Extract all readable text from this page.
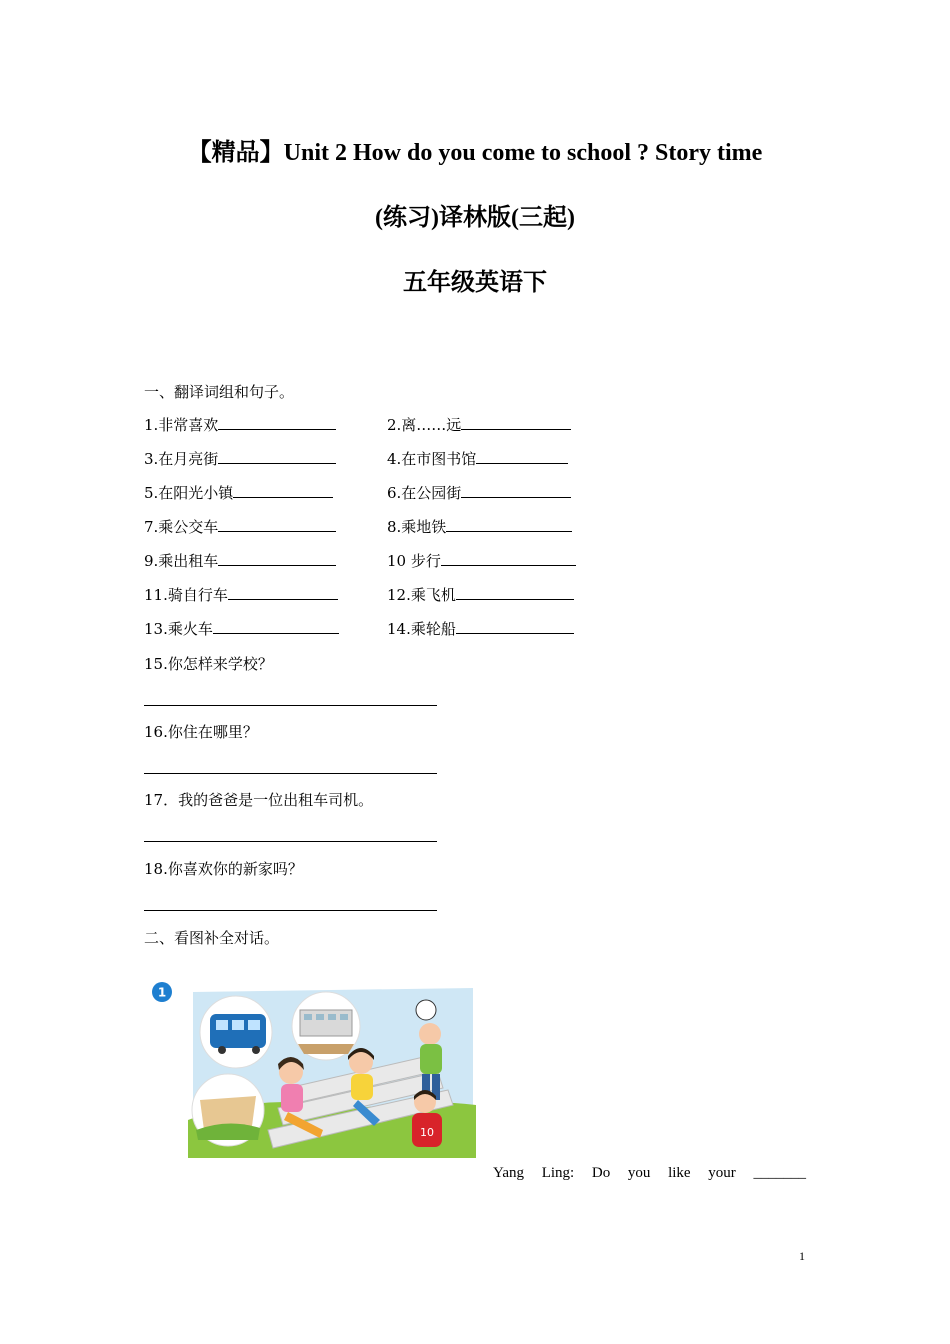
【精品】Unit 2 How do you come to school ? Story time
(练习)译林版(三起)
五年级英语下
一、翻译词组和句子。
1.非常喜欢	2.离……远
3.在月亮街	4.在市图书馆
5.在阳光小镇	6.在公园街
7.乘公交车	8.乘地铁
9.乘出租车	10 步行
11.骑自行车	12.乘飞机
13.乘火车	14.乘轮船
15.你怎样来学校？
16.你住在哪里？
17．我的爸爸是一位出租车司机。
18.你喜欢你的新家吗？
二、看图补全对话。
1
10
Yang Ling: Do you like your _______
1
